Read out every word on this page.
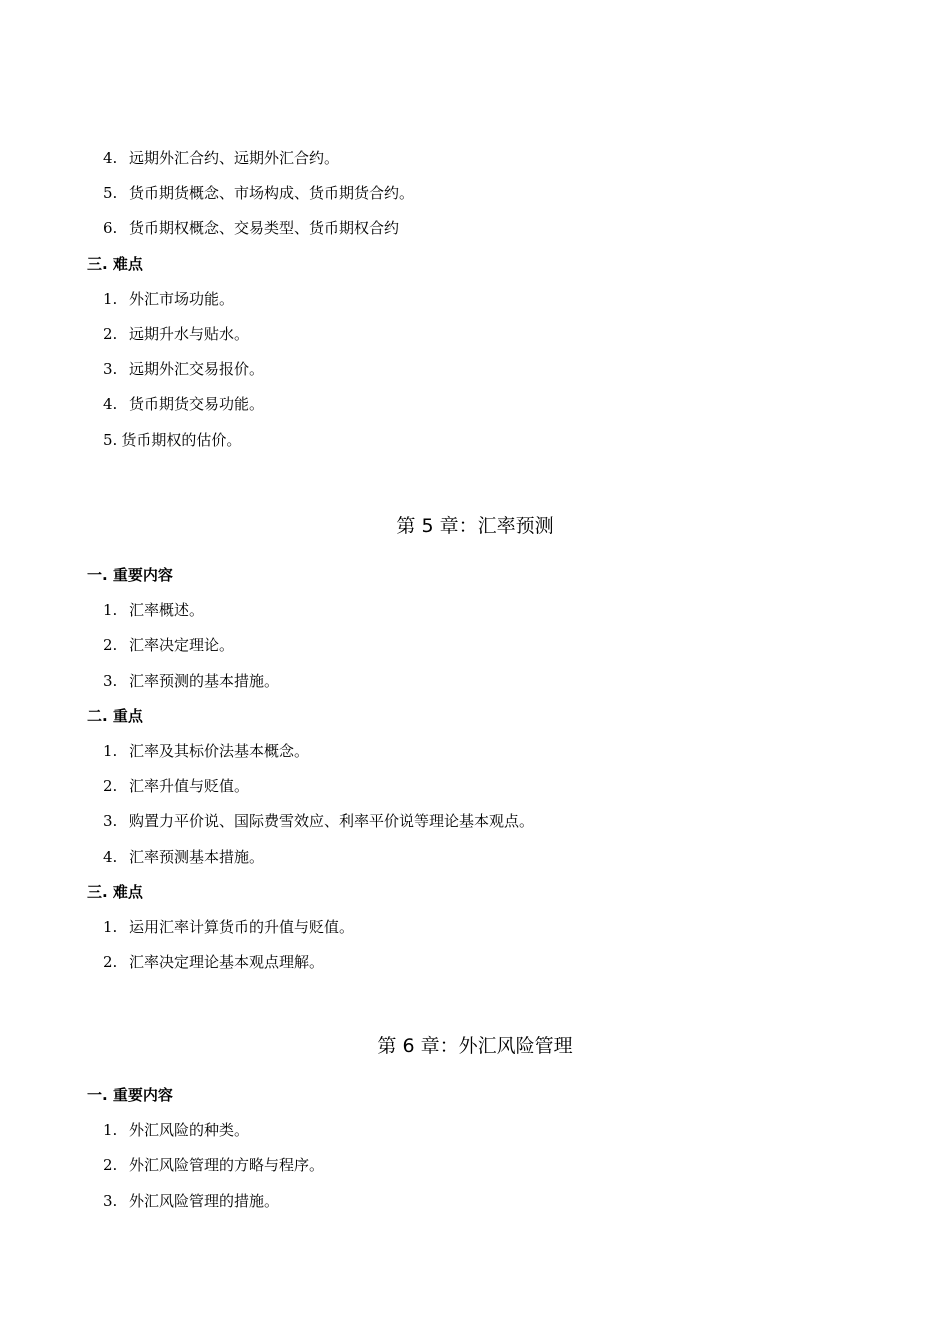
4. 远期外汇合约、远期外汇合约。
5. 货币期货概念、市场构成、货币期货合约。
6. 货币期权概念、交易类型、货币期权合约
三. 难点
1. 外汇市场功能。
2. 远期升水与贴水。
3. 远期外汇交易报价。
4. 货币期货交易功能。
5. 货币期权的估价。
第 5 章：汇率预测
一. 重要内容
1. 汇率概述。
2. 汇率决定理论。
3. 汇率预测的基本措施。
二. 重点
1. 汇率及其标价法基本概念。
2. 汇率升值与贬值。
3. 购置力平价说、国际费雪效应、利率平价说等理论基本观点。
4. 汇率预测基本措施。
三. 难点
1. 运用汇率计算货币的升值与贬值。
2. 汇率决定理论基本观点理解。
第 6 章：外汇风险管理
一. 重要内容
1. 外汇风险的种类。
2. 外汇风险管理的方略与程序。
3. 外汇风险管理的措施。
